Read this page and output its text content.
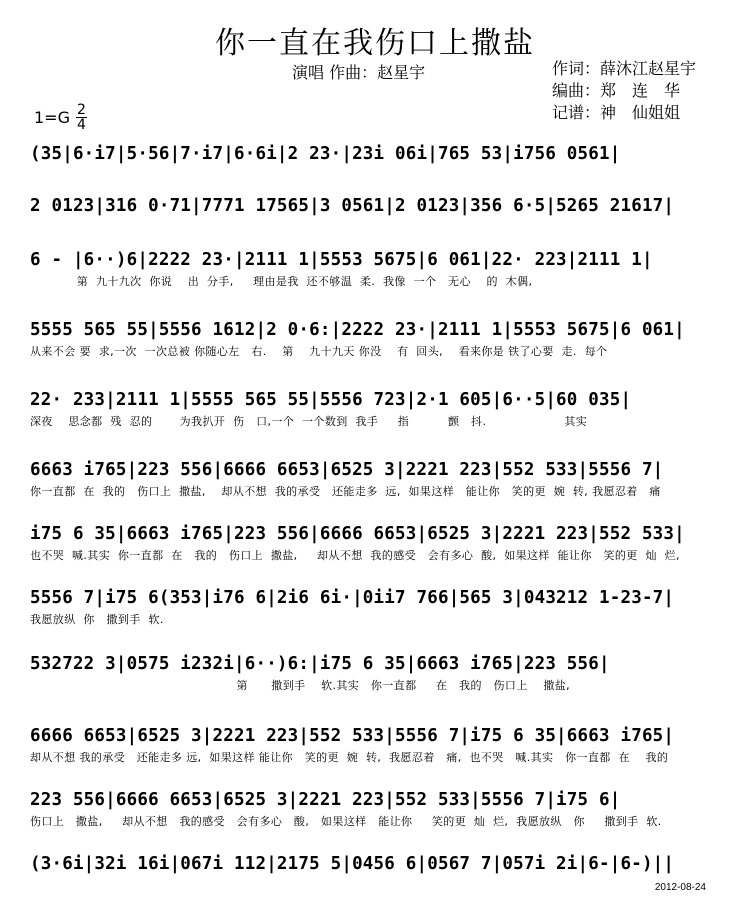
你一直在我伤口上撒盐
演唱 作曲：赵星宇	作词：薛沐江赵星宇
编曲：郑　连　华
记谱：神　仙姐姐
$1=G \frac{2}{4}$
(35|6·i7|5·56|7·i7|6·6i|2 23·|23i 06i|765 53|i756 0561|
2 0123|316 0·71|7771 17565|3 0561|2 0123|356 6·5|5265 21617|
6 - |6··)6|2222 23·|2111 1|5553 5675|6 061|22· 223|2111 1|
第  九十九次  你说    出  分手,     理由是我  还不够温  柔.  我像  一个   无心    的  木偶,
5555 565 55|5556 1612|2 0·6:|2222 23·|2111 1|5553 5675|6 061|
从来不会 要  求,一次  一次总被 你随心左   右.    第    九十九天 你没    有  回头,    看来你是 铁了心要  走.  每个
22· 233|2111 1|5555 565 55|5556 723|2·1 605|6··5|60 035|
深夜    思念都  残  忍的       为我扒开  伤   口,一个  一个数到  我手     指          颤   抖.                    其实
6663 i765|223 556|6666 6653|6525 3|2221 223|552 533|5556 7|
你一直都  在  我的   伤口上  撒盐,    却从不想  我的承受   还能走多  远,  如果这样   能让你   笑的更  婉  转, 我愿忍着   痛
i75 6 35|6663 i765|223 556|6666 6653|6525 3|2221 223|552 533|
也不哭  喊.其实  你一直都  在   我的   伤口上  撒盐,     却从不想  我的感受   会有多心  酸,  如果这样  能让你   笑的更  灿  烂,
5556 7|i75 6(353|i76 6|2i6 6i·|0ii7 766|565 3|043212 1-23-7|
我愿放纵  你   撒到手  软.
532722 3|0575 i232i|6··)6:|i75 6 35|6663 i765|223 556|
第      撒到手    软.其实   你一直都     在   我的   伤口上    撒盐,
6666 6653|6525 3|2221 223|552 533|5556 7|i75 6 35|6663 i765|
却从不想 我的承受   还能走多 远,  如果这样 能让你   笑的更  婉  转,  我愿忍着   痛,  也不哭   喊.其实   你一直都  在    我的
223 556|6666 6653|6525 3|2221 223|552 533|5556 7|i75 6|
伤口上   撒盐,     却从不想   我的感受   会有多心   酸,   如果这样   能让你     笑的更  灿  烂,  我愿放纵   你     撒到手  软.
(3·6i|32i 16i|067i 112|2175 5|0456 6|0567 7|057i 2i|6-|6-)||
2012-08-24
